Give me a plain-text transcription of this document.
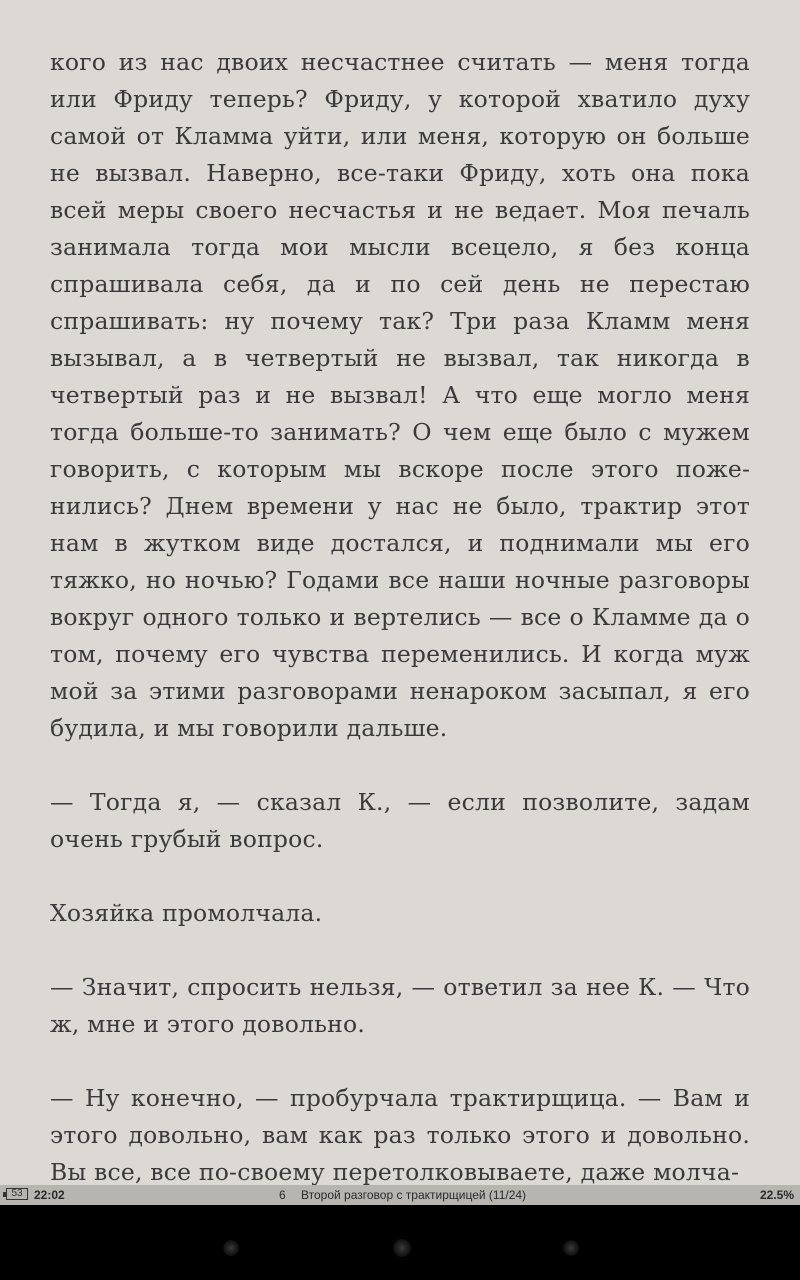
кого из нас двоих несчастнее считать — меня тогда или Фриду теперь? Фриду, у которой хватило духу самой от Кламма уйти, или меня, которую он больше не вызвал. Наверно, все-таки Фриду, хоть она пока всей меры своего несчастья и не ведает. Моя печаль занимала тогда мои мысли всецело, я без конца спрашивала себя, да и по сей день не перестаю спрашивать: ну почему так? Три раза Кламм меня вызывал, а в четвертый не вызвал, так никогда в четвертый раз и не вызвал! А что еще могло меня тогда больше-то занимать? О чем еще было с мужем говорить, с которым мы вскоре после этого поженились? Днем времени у нас не было, трактир этот нам в жутком виде достался, и поднимали мы его тяжко, но ночью? Годами все наши ночные разговоры вокруг одного только и вертелись — все о Кламме да о том, почему его чувства переменились. И когда муж мой за этими разговорами ненароком засыпал, я его будила, и мы говорили дальше.

— Тогда я, — сказал К., — если позволите, задам очень грубый вопрос.

Хозяйка промолчала.

— Значит, спросить нельзя, — ответил за нее К. — Что ж, мне и этого довольно.

— Ну конечно, — пробурчала трактирщица. — Вам и этого довольно, вам как раз только этого и довольно. Вы все, все по-своему перетолковываете, даже молча-

53 22:02	6 Второй разговор с трактирщицей (11/24)	22.5%
